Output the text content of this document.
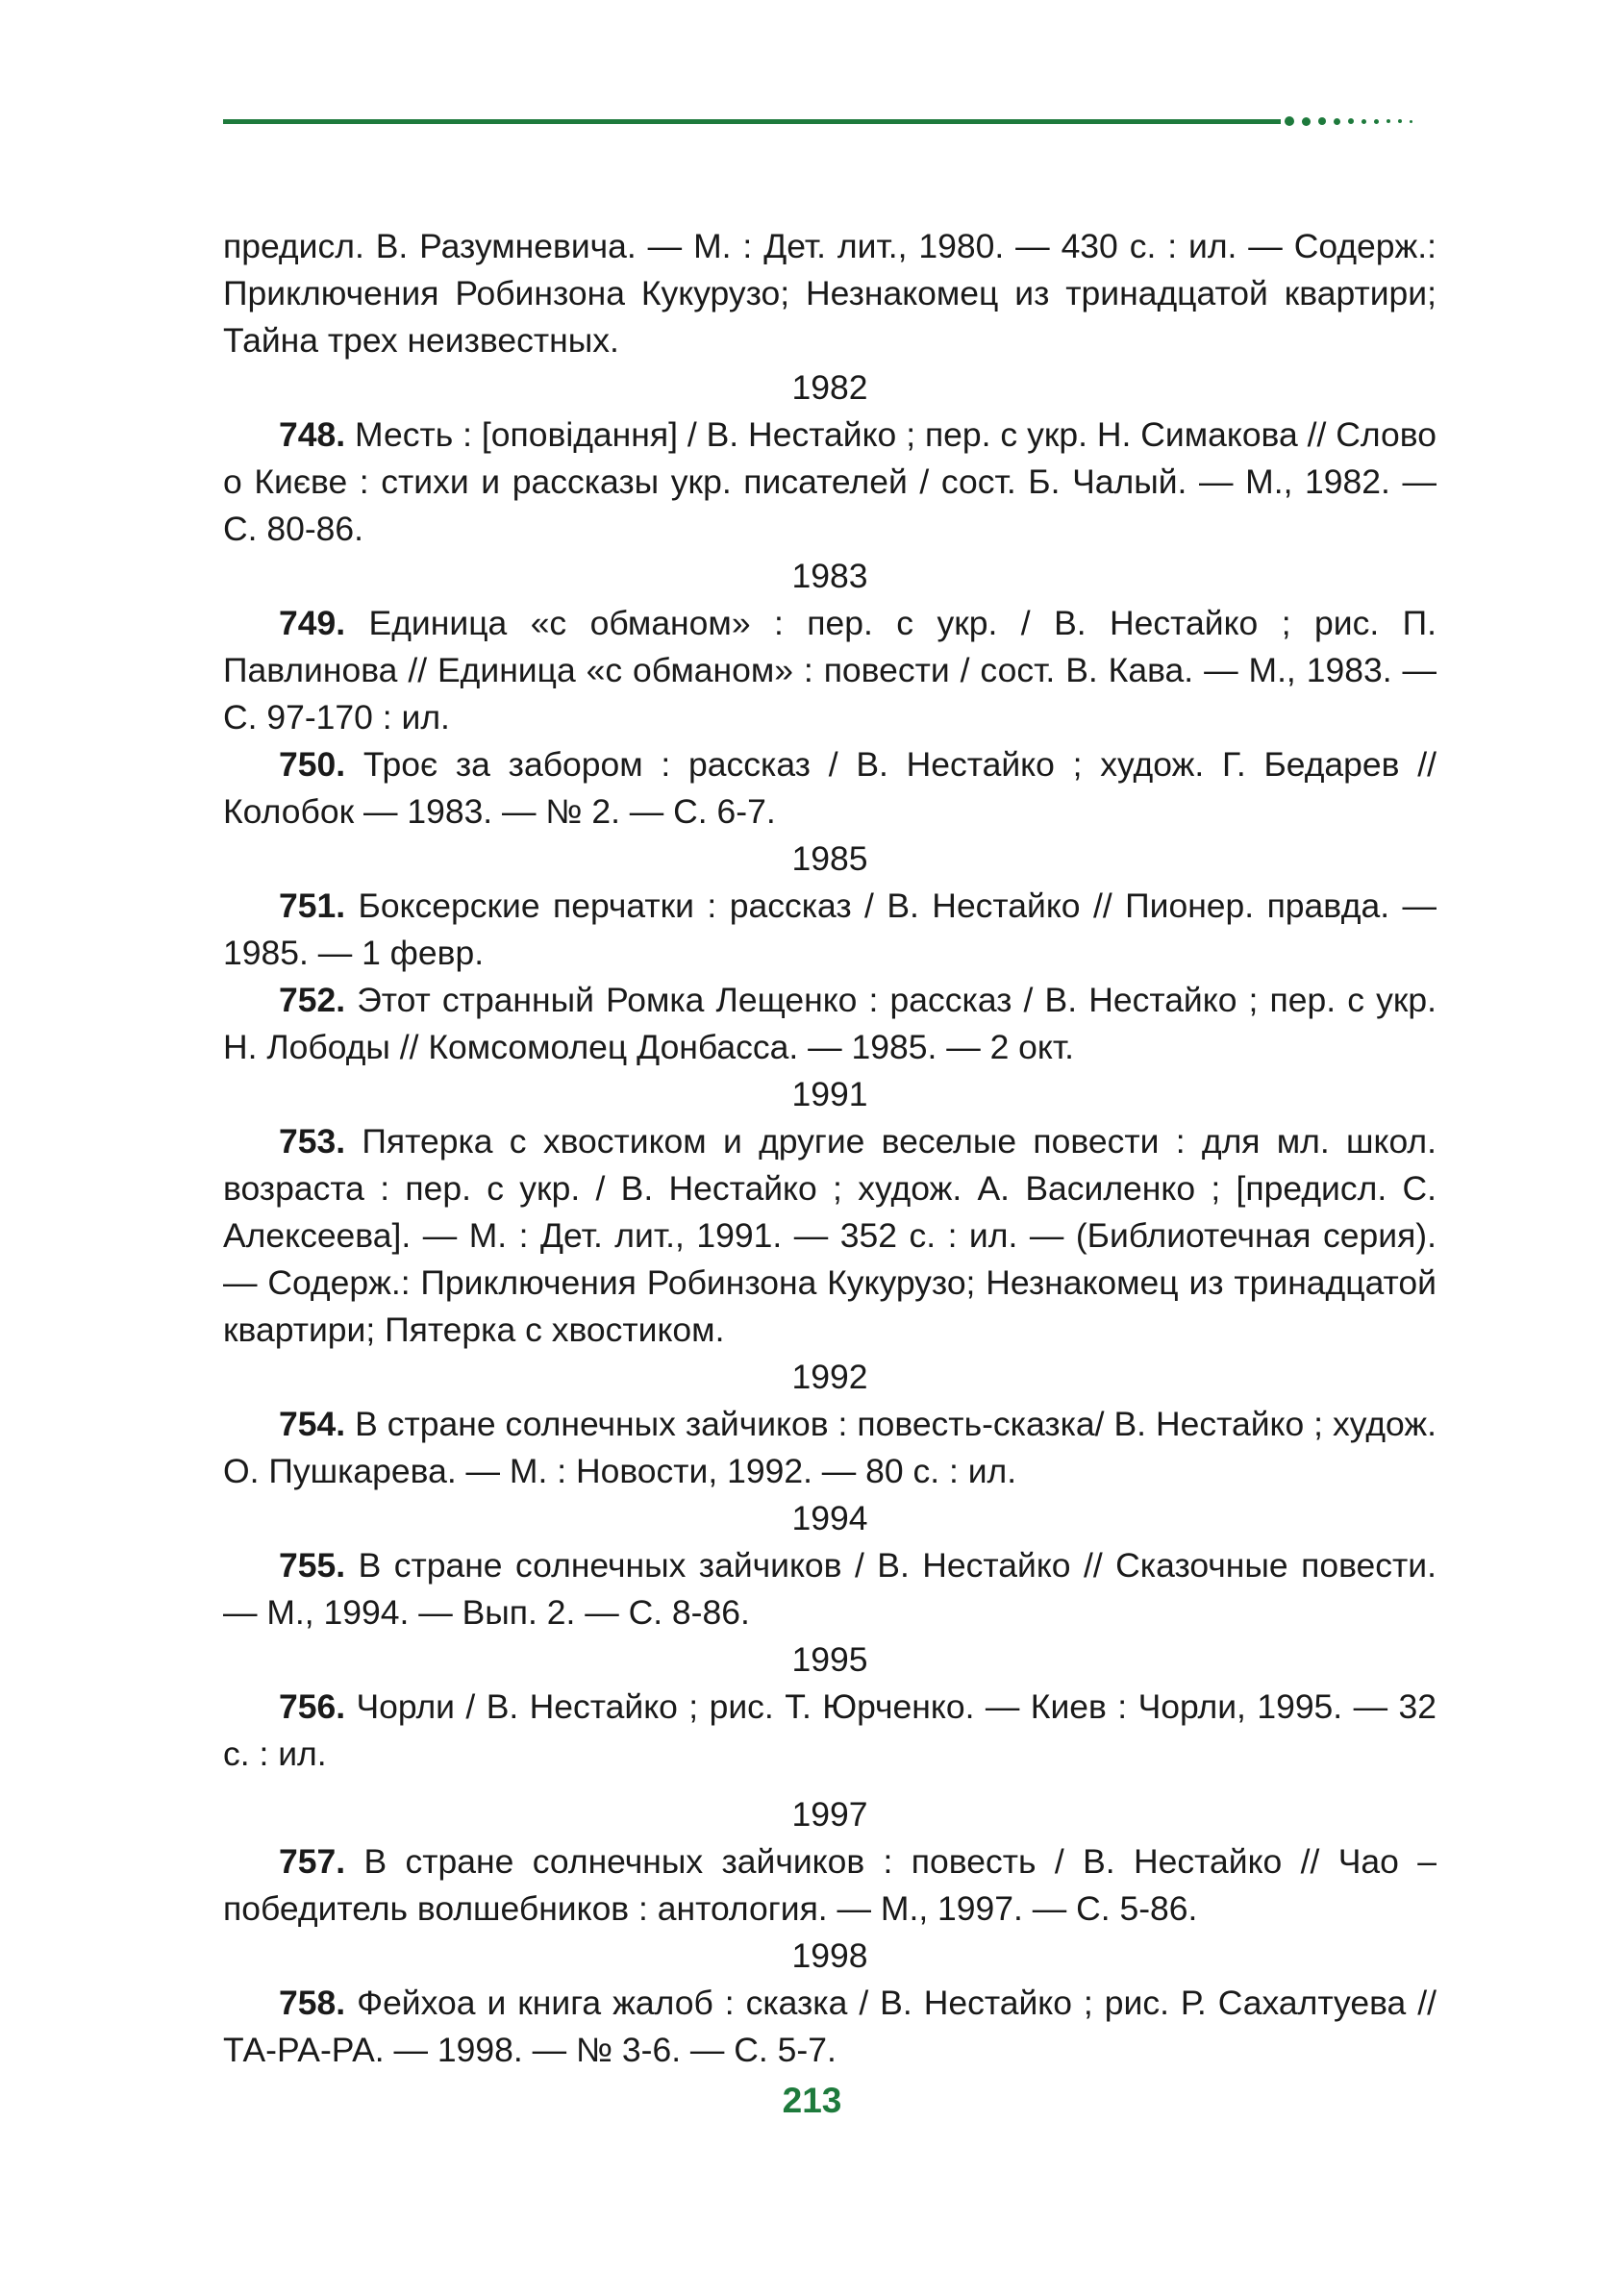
предисл. В. Разумневича. — М. : Дет. лит., 1980. — 430 с. : ил. — Содерж.: Приключения Робинзона Кукурузо; Незнакомец из тринадцатой квартири; Тайна трех неизвестных.

1982

748. Месть : [оповідання] / В. Нестайко ; пер. с укр. Н. Симакова // Слово о Києве : стихи и рассказы укр. писателей / сост. Б. Чалый. — М., 1982. — С. 80-86.

1983

749. Единица «с обманом» : пер. с укр. / В. Нестайко ; рис. П. Павлинова // Единица «с обманом» : повести / сост. В. Кава. — М., 1983. — С. 97-170 : ил.

750. Троє за забором : рассказ / В. Нестайко ; худож. Г. Бедарев // Колобок — 1983. — № 2. — С. 6-7.

1985

751. Боксерские перчатки : рассказ / В. Нестайко // Пионер. правда. — 1985. — 1 февр.

752. Этот странный Ромка Лещенко : рассказ / В. Нестайко ; пер. с укр. Н. Лободы // Комсомолец Донбасса. — 1985. — 2 окт.

1991

753. Пятерка с хвостиком и другие веселые повести : для мл. школ. возраста : пер. с укр. / В. Нестайко ; худож. А. Василенко ; [предисл. С. Алексеева]. — М. : Дет. лит., 1991. — 352 с. : ил. — (Библиотечная серия). — Содерж.: Приключения Робинзона Кукурузо; Незнакомец из тринадцатой квартири; Пятерка с хвостиком.

1992

754. В стране солнечных зайчиков : повесть-сказка/ В. Нестайко ; худож. О. Пушкарева. — М. : Новости, 1992. — 80 с. : ил.

1994

755. В стране солнечных зайчиков / В. Нестайко // Сказочные повести. — М., 1994. — Вып. 2. — С. 8-86.

1995

756. Чорли / В. Нестайко ; рис. Т. Юрченко. — Киев : Чорли, 1995. — 32 с. : ил.

1997

757. В стране солнечных зайчиков : повесть / В. Нестайко // Чао – победитель волшебников : антология. — М., 1997. — С. 5-86.

1998

758. Фейхоа и книга жалоб : сказка / В. Нестайко ; рис. Р. Сахалтуева // ТА-РА-РА. — 1998. — № 3-6. — С. 5-7.

213
